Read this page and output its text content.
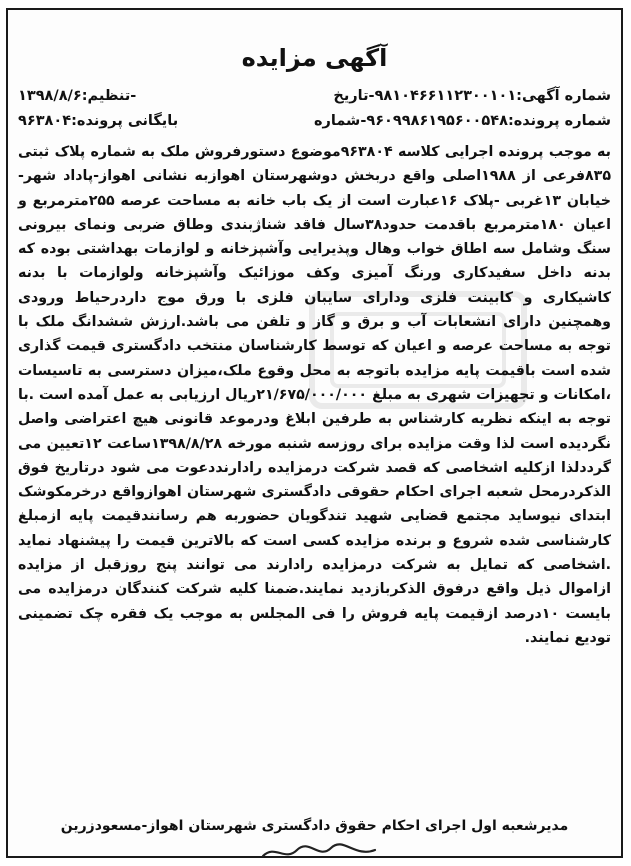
آگهی مزایده
شماره آگهی:۹۸۱۰۴۶۶۱۱۲۳۰۰۱۰۱-تاریخ
-تنظیم:۱۳۹۸/۸/۶
شماره پرونده:۹۶۰۹۹۸۶۱۹۵۶۰۰۵۴۸-شماره
بایگانی پرونده:۹۶۳۸۰۴

به موجب پرونده اجرایی کلاسه ۹۶۳۸۰۴موضوع دستورفروش ملک به شماره پلاک ثبتی ۸۳۵فرعی از ۱۹۸۸اصلی واقع دربخش دوشهرستان اهوازبه نشانی اهواز-پاداد شهر-خیابان ۱۳غربی -پلاک ۱۶عبارت است از یک باب خانه به مساحت عرصه ۲۵۵مترمربع و اعیان ۱۸۰مترمربع باقدمت حدود۳۸سال فاقد شناژبندی وطاق ضربی ونمای بیرونی سنگ وشامل سه اطاق خواب وهال وپذیرایی وآشپزخانه و لوازمات بهداشتی بوده که بدنه داخل سفیدکاری ورنگ آمیزی وکف موزائیک وآشپزخانه ولوازمات با بدنه کاشیکاری و کابینت فلزی ودارای سایبان فلزی با ورق موج داردرحیاط ورودی وهمچنین دارای انشعابات آب و برق و گاز و تلفن می باشد.ارزش ششدانگ ملک با توجه به مساحت عرصه و اعیان که توسط کارشناسان منتخب دادگستری قیمت گذاری شده است باقیمت پایه مزایده باتوجه به محل وقوع ملک،میزان دسترسی به تاسیسات ،امکانات و تجهیزات شهری به مبلغ ۲۱/۶۷۵/۰۰۰/۰۰۰ریال ارزیابی به عمل آمده است .با توجه به اینکه نظریه کارشناس به طرفین ابلاغ ودرموعد قانونی هیچ اعتراضی واصل نگردیده است لذا وقت مزایده برای روزسه شنبه مورخه ۱۳۹۸/۸/۲۸ساعت ۱۲تعیین می گرددلذا ازکلیه اشخاصی که قصد شرکت درمزایده رادارنددعوت می شود درتاریخ فوق الذکردرمحل شعبه اجرای احکام حقوقی دادگستری شهرستان اهوازواقع درخرمکوشک ابتدای نیوساید مجتمع قضایی شهید تندگویان حضوربه هم رسانندقیمت پایه ازمبلغ کارشناسی شده شروع و برنده مزایده کسی است که بالاترین قیمت را پیشنهاد نماید .اشخاصی که تمایل به شرکت درمزایده رادارند می توانند پنج روزقبل از مزایده ازاموال ذیل واقع درفوق الذکربازدید نمایند.ضمنا کلیه شرکت کنندگان درمزایده می بایست ۱۰درصد ازقیمت پایه فروش را فی المجلس به موجب یک فقره چک تضمینی تودیع نمایند.

مدیرشعبه اول اجرای احکام حقوق دادگستری شهرستان اهواز-مسعودزرین
